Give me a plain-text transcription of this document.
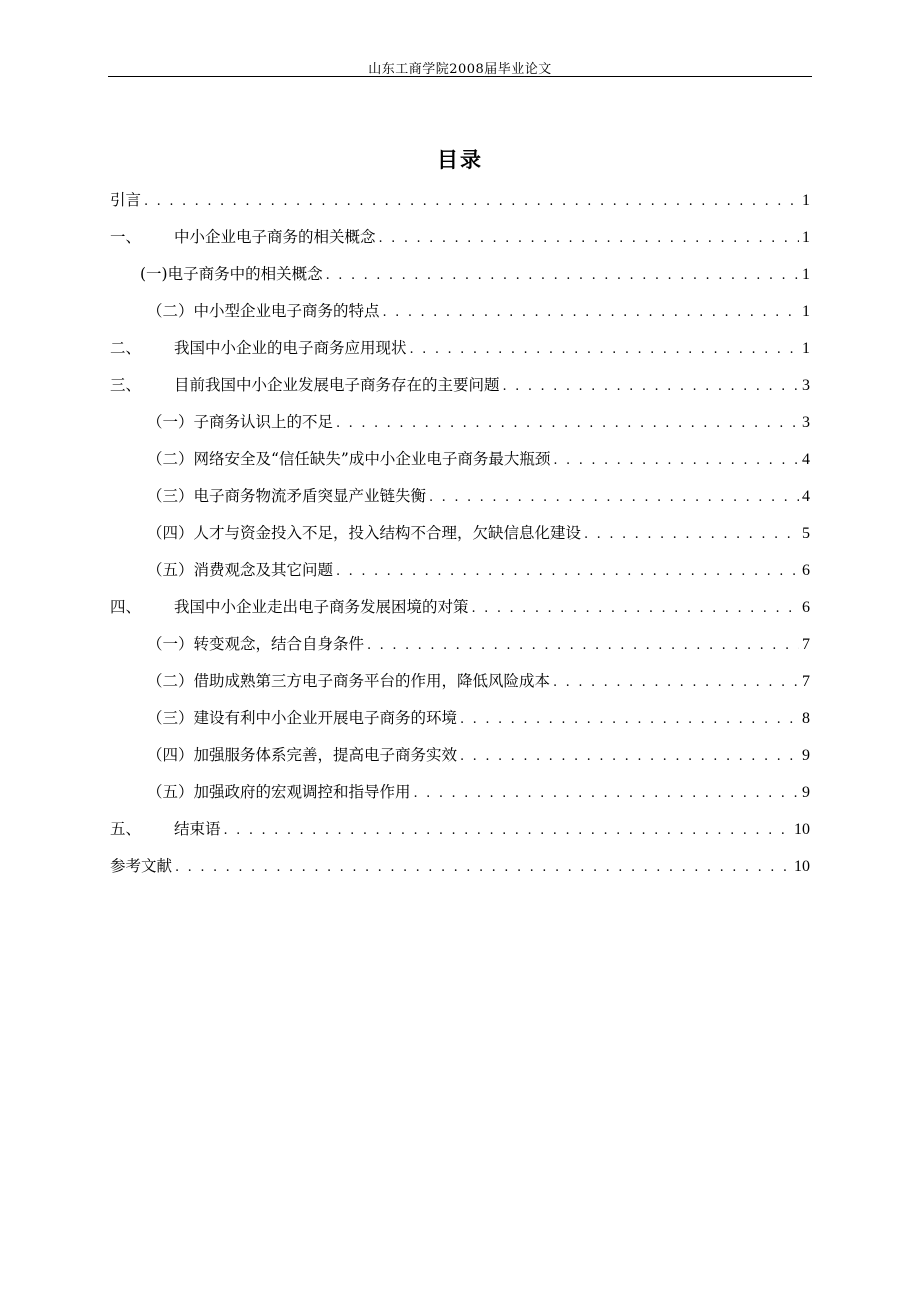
山东工商学院2008届毕业论文
目录
引言 . . .	1
一、	中小企业电子商务的相关概念 . . .	1
(一)电子商务中的相关概念 . . .	1
（二）中小型企业电子商务的特点 . . .	1
二、	我国中小企业的电子商务应用现状 . . .	1
三、	目前我国中小企业发展电子商务存在的主要问题 . . .	3
（一）子商务认识上的不足 . . .	3
（二）网络安全及“信任缺失”成中小企业电子商务最大瓶颈 . . .	4
（三）电子商务物流矛盾突显产业链失衡 . . .	4
（四）人才与资金投入不足，投入结构不合理，欠缺信息化建设 . . .	5
（五）消费观念及其它问题 . . .	6
四、	我国中小企业走出电子商务发展困境的对策 . . .	6
（一）转变观念，结合自身条件 . . .	7
（二）借助成熟第三方电子商务平台的作用，降低风险成本 . . .	7
（三）建设有利中小企业开展电子商务的环境 . . .	8
（四）加强服务体系完善，提高电子商务实效 . . .	9
（五）加强政府的宏观调控和指导作用 . . .	9
五、	结束语 . . .	10
参考文献 . . .	10
